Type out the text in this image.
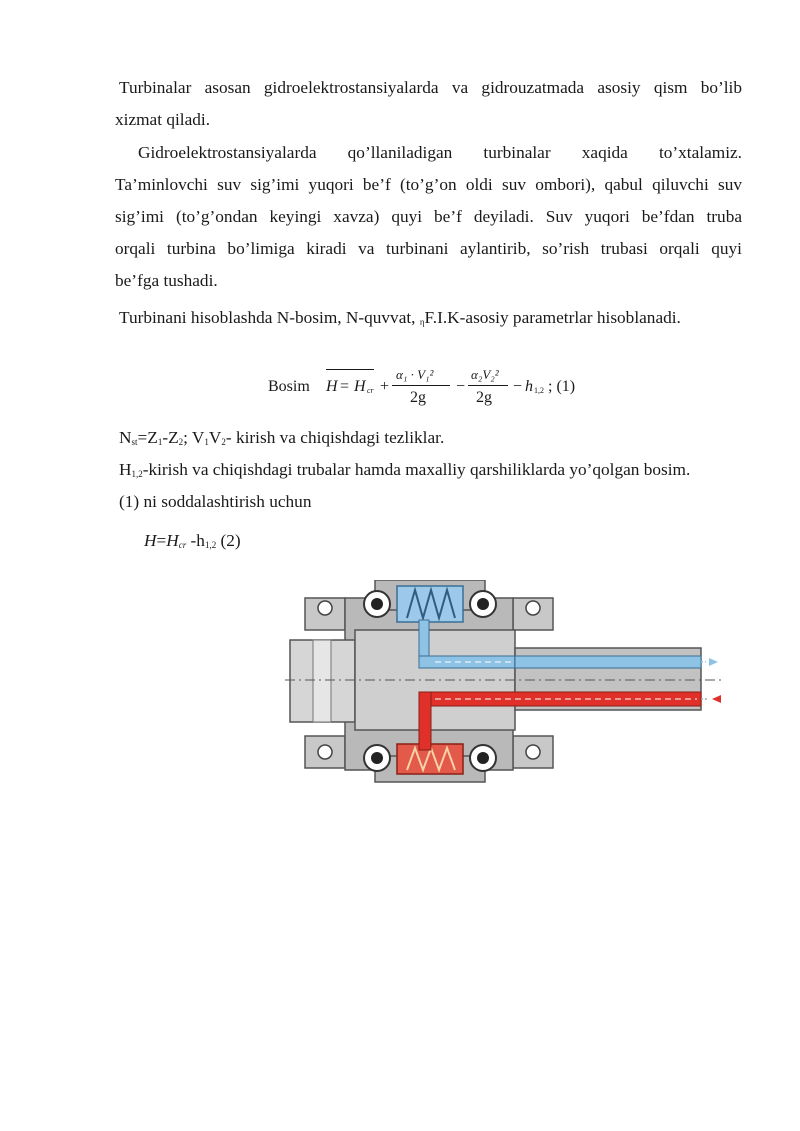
Turbinalar asosan gidroelektrostansiyalarda va gidrouzatmada asosiy qism bo’lib
xizmat qiladi.
Gidroelektrostansiyalarda qo’llaniladigan turbinalar xaqida to’xtalamiz.
Ta’minlovchi suv sig’imi yuqori be’f (to’g’on oldi suv ombori), qabul qiluvchi suv
sig’imi (to’g’ondan keyingi xavza) quyi be’f deyiladi. Suv yuqori be’fdan truba
orqali turbina bo’limiga kiradi va turbinani aylantirib, so’rish trubasi orqali quyi
be’fga tushadi.
Turbinani hisoblashda N-bosim, N-quvvat, $_\eta$F.I.K-asosiy parametrlar hisoblanadi.
Bosim H = H cr +
α₁ · V₁²
2g
−
α₂V₂²
2g
− h 1,2 ; (1)
$N_{st}=Z_1-Z_2$; $V_1V_2-$ kirish va chiqishdagi tezliklar.
$H_{1,2}$-kirish va chiqishdagi trubalar hamda maxalliy qarshiliklarda yo’qolgan bosim.
(1) ni soddalashtirish uchun
$H=H_{cr}$ $-h_{1,2}$ (2)
